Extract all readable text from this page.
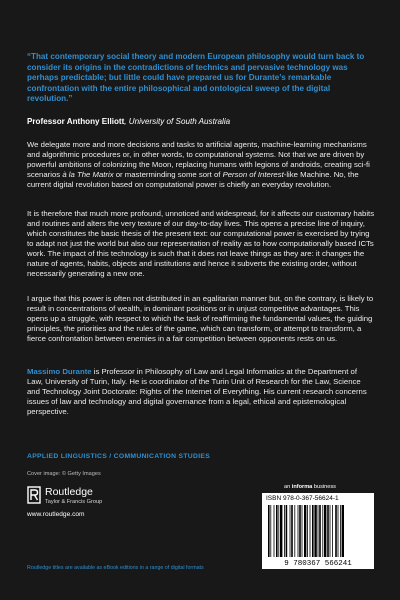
“That contemporary social theory and modern European philosophy would turn back to consider its origins in the contradictions of technics and pervasive technology was perhaps predictable; but little could have prepared us for Durante’s remarkable confrontation with the entire philosophical and ontological sweep of the digital revolution.”
Professor Anthony Elliott, University of South Australia
We delegate more and more decisions and tasks to artificial agents, machine-learning mechanisms and algorithmic procedures or, in other words, to computational systems. Not that we are driven by powerful ambitions of colonizing the Moon, replacing humans with legions of androids, creating sci-fi scenarios à la The Matrix or masterminding some sort of Person of Interest-like Machine. No, the current digital revolution based on computational power is chiefly an everyday revolution.
It is therefore that much more profound, unnoticed and widespread, for it affects our customary habits and routines and alters the very texture of our day-to-day lives. This opens a precise line of inquiry, which constitutes the basic thesis of the present text: our computational power is exercised by trying to adapt not just the world but also our representation of reality as to how computationally based ICTs work. The impact of this technology is such that it does not leave things as they are: it changes the nature of agents, habits, objects and institutions and hence it subverts the existing order, without necessarily generating a new one.
I argue that this power is often not distributed in an egalitarian manner but, on the contrary, is likely to result in concentrations of wealth, in dominant positions or in unjust competitive advantages. This opens up a struggle, with respect to which the task of reaffirming the fundamental values, the guiding principles, the priorities and the rules of the game, which can transform, or attempt to transform, a fierce confrontation between enemies in a fair competition between opponents rests on us.
Massimo Durante is Professor in Philosophy of Law and Legal Informatics at the Department of Law, University of Turin, Italy. He is coordinator of the Turin Unit of Research for the Law, Science and Technology Joint Doctorate: Rights of the Internet of Everything. His current research concerns issues of law and technology and digital governance from a legal, ethical and epistemological perspective.
APPLIED LINGUISTICS / COMMUNICATION STUDIES
Cover image: © Getty Images
Routledge
Taylor & Francis Group
www.routledge.com
an informa business
ISBN 978-0-367-56624-1
9 780367 566241
Routledge titles are available as eBook editions in a range of digital formats
